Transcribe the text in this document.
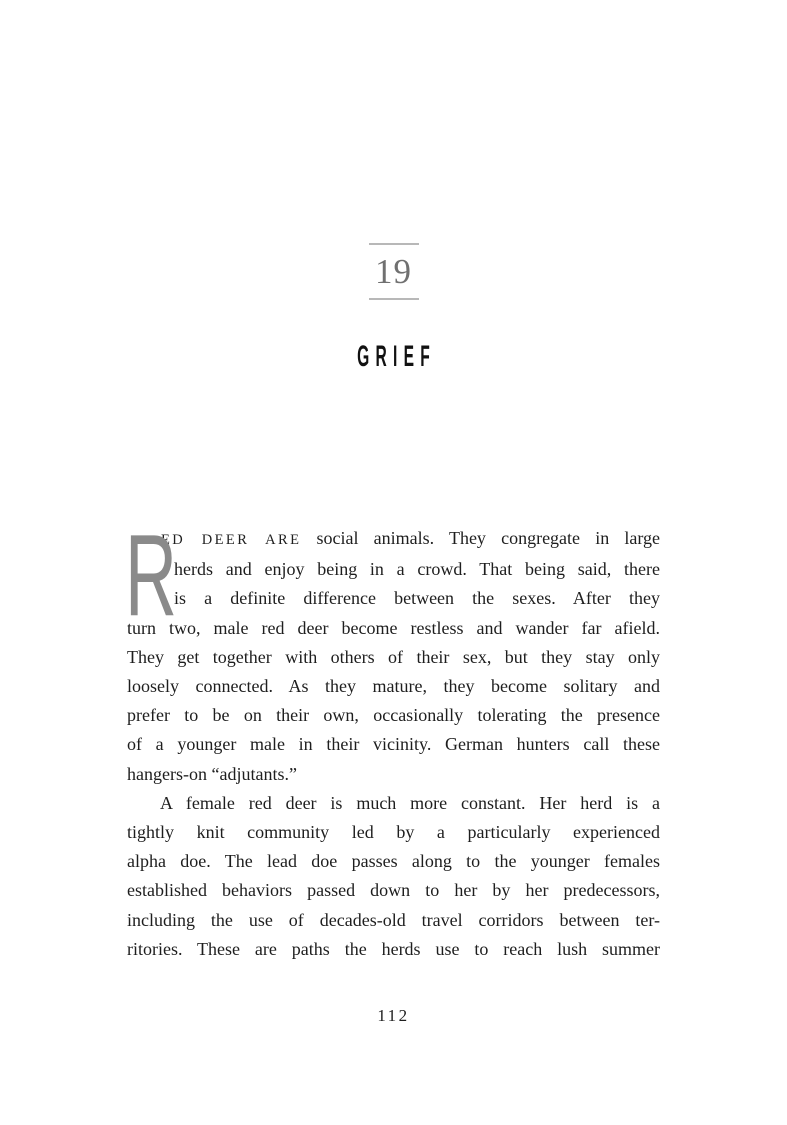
19
GRIEF
R
ED DEER ARE social animals. They congregate in large
herds and enjoy being in a crowd. That being said, there
is a definite difference between the sexes. After they
turn two, male red deer become restless and wander far afield.
They get together with others of their sex, but they stay only
loosely connected. As they mature, they become solitary and
prefer to be on their own, occasionally tolerating the presence
of a younger male in their vicinity. German hunters call these
hangers-on “adjutants.”
A female red deer is much more constant. Her herd is a
tightly knit community led by a particularly experienced
alpha doe. The lead doe passes along to the younger females
established behaviors passed down to her by her predecessors,
including the use of decades-old travel corridors between ter-
ritories. These are paths the herds use to reach lush summer
112
